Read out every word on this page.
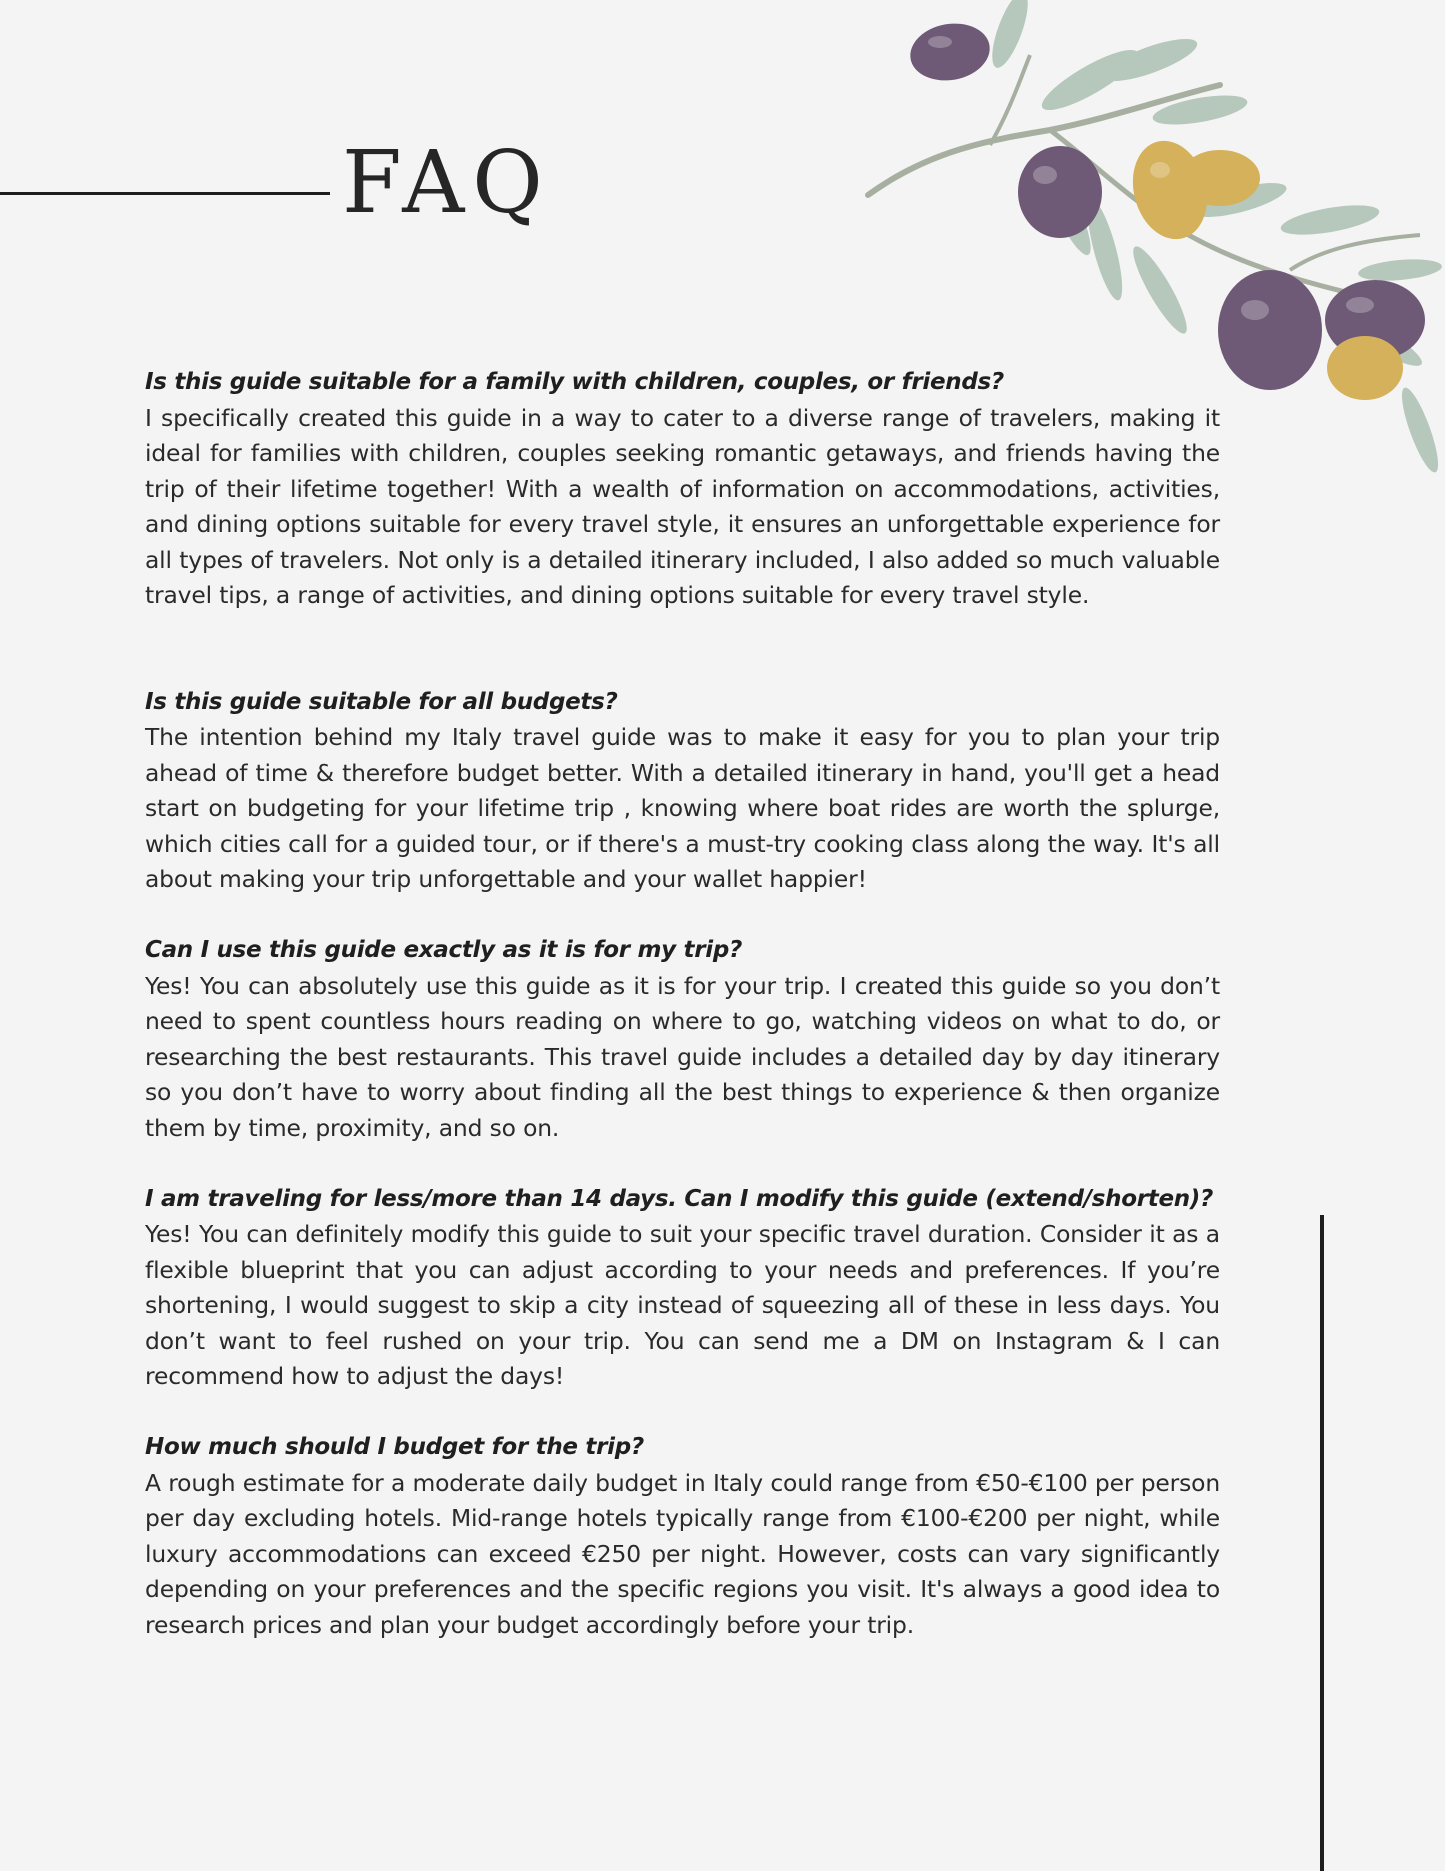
FAQ

Is this guide suitable for a family with children, couples, or friends?

I specifically created this guide in a way to cater to a diverse range of travelers, making it ideal for families with children, couples seeking romantic getaways, and friends having the trip of their lifetime together! With a wealth of information on accommodations, activities, and dining options suitable for every travel style, it ensures an unforgettable experience for all types of travelers. Not only is a detailed itinerary included, I also added so much valuable travel tips, a range of activities, and dining options suitable for every travel style.

Is this guide suitable for all budgets?

The intention behind my Italy travel guide was to make it easy for you to plan your trip ahead of time & therefore budget better. With a detailed itinerary in hand, you'll get a head start on budgeting for your lifetime trip , knowing where boat rides are worth the splurge, which cities call for a guided tour, or if there's a must-try cooking class along the way. It's all about making your trip unforgettable and your wallet happier!

Can I use this guide exactly as it is for my trip?

Yes! You can absolutely use this guide as it is for your trip. I created this guide so you don’t need to spent countless hours reading on where to go, watching videos on what to do, or researching the best restaurants. This travel guide includes a detailed day by day itinerary so you don’t have to worry about finding all the best things to experience & then organize them by time, proximity, and so on.

I am traveling for less/more than 14 days. Can I modify this guide (extend/shorten)?

Yes! You can definitely modify this guide to suit your specific travel duration. Consider it as a flexible blueprint that you can adjust according to your needs and preferences. If you’re shortening, I would suggest to skip a city instead of squeezing all of these in less days. You don’t want to feel rushed on your trip. You can send me a DM on Instagram & I can recommend how to adjust the days!

How much should I budget for the trip?

A rough estimate for a moderate daily budget in Italy could range from €50-€100 per person per day excluding hotels. Mid-range hotels typically range from €100-€200 per night, while luxury accommodations can exceed €250 per night. However, costs can vary significantly depending on your preferences and the specific regions you visit. It's always a good idea to research prices and plan your budget accordingly before your trip.
